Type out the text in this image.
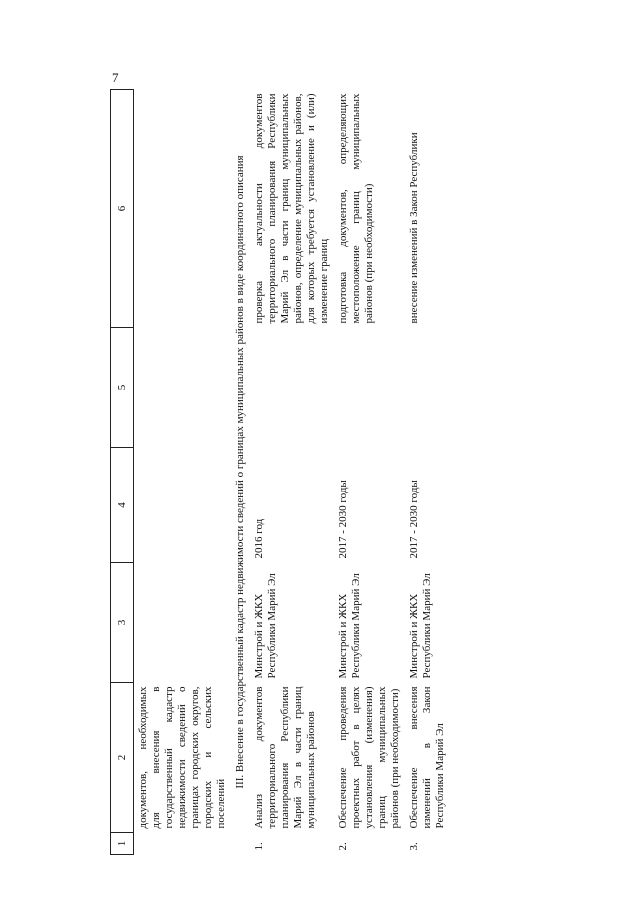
7
1	2	3	4	5	6
	документов, необходимых для внесения в государственный кадастр недвижимости сведений о границах городских округов, городских и сельских поселений				
III. Внесение в государственный кадастр недвижимости сведений о границах муниципальных районов в виде координатного описания					
1.	Анализ документов территориального планирования Республики Марий Эл в части границ муниципальных районов	Минстрой и ЖКХ Республики Марий Эл	2016 год		проверка актуальности документов территориального планирования Республики Марий Эл в части границ муниципальных районов, определение муниципальных районов, для которых требуется установление и (или) изменение границ
2.	Обеспечение проведения проектных работ в целях установления (изменения) границ муниципальных районов (при необходимости)	Минстрой и ЖКХ Республики Марий Эл	2017 - 2030 годы		подготовка документов, определяющих местоположение границ муниципальных районов (при необходимости)
3.	Обеспечение внесения изменений в Закон Республики Марий Эл	Минстрой и ЖКХ Республики Марий Эл	2017 - 2030 годы		внесение изменений в Закон Республики
